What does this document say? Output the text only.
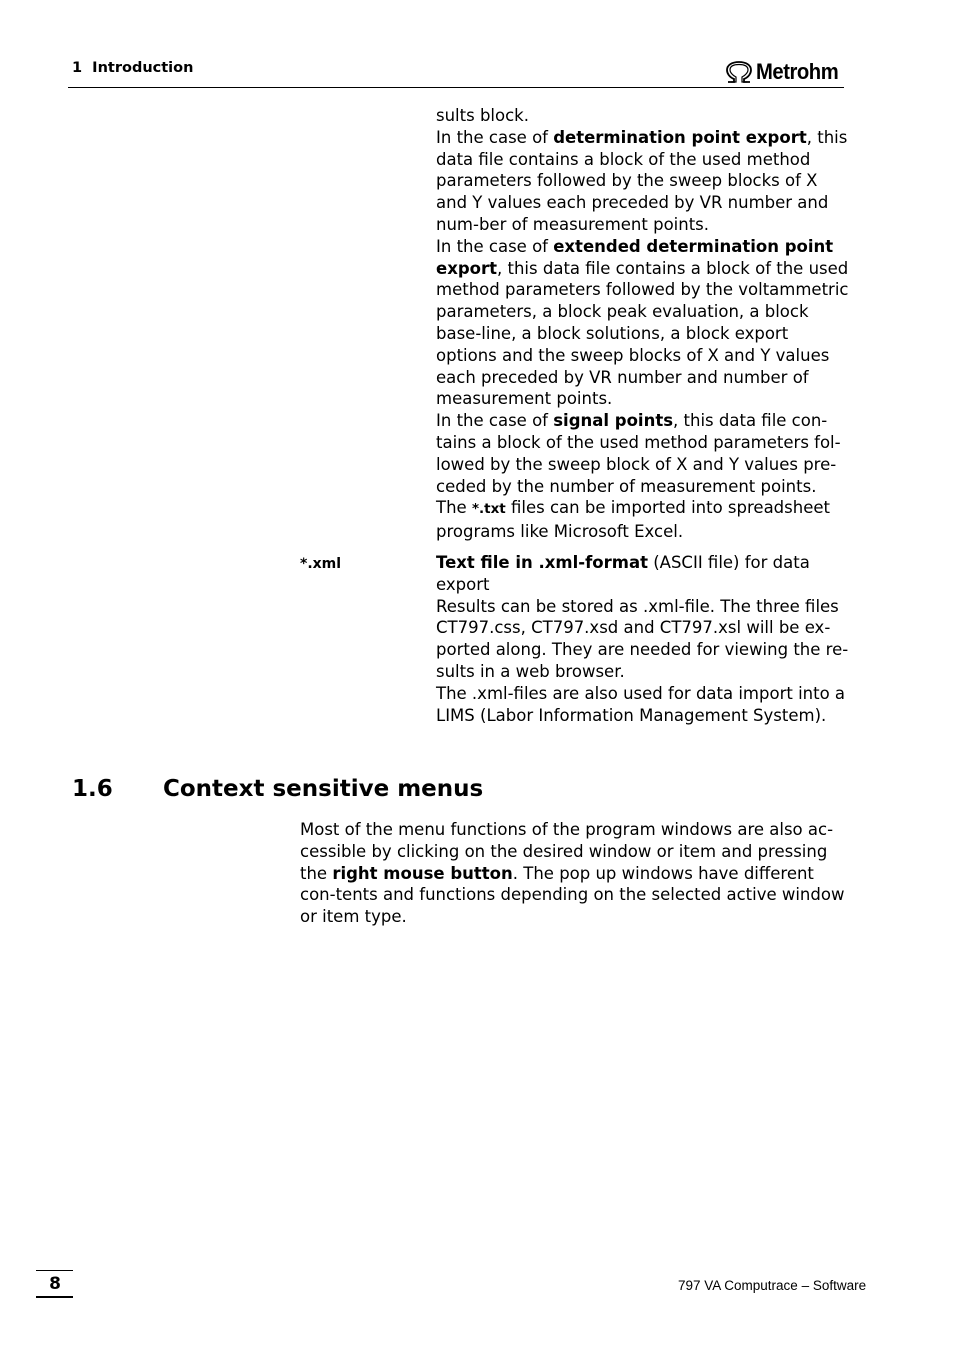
1  Introduction	Metrohm

sults block.

In the case of determination point export, this data file contains a block of the used method parameters followed by the sweep blocks of X and Y values each preceded by VR number and num-ber of measurement points.

In the case of extended determination point export, this data file contains a block of the used method parameters followed by the voltammetric parameters, a block peak evaluation, a block base-line, a block solutions, a block export options and the sweep blocks of X and Y values each preceded by VR number and number of measurement points.

In the case of signal points, this data file con-tains a block of the used method parameters fol-lowed by the sweep block of X and Y values pre-ceded by the number of measurement points.

The *.txt files can be imported into spreadsheet programs like Microsoft Excel.

*.xml	Text file in .xml-format (ASCII file) for data export

Results can be stored as .xml-file. The three files CT797.css, CT797.xsd and CT797.xsl will be ex-ported along. They are needed for viewing the re-sults in a web browser.

The .xml-files are also used for data import into a LIMS (Labor Information Management System).

1.6 Context sensitive menus

Most of the menu functions of the program windows are also ac-cessible by clicking on the desired window or item and pressing the right mouse button. The pop up windows have different con-tents and functions depending on the selected active window or item type.

8	797 VA Computrace – Software
